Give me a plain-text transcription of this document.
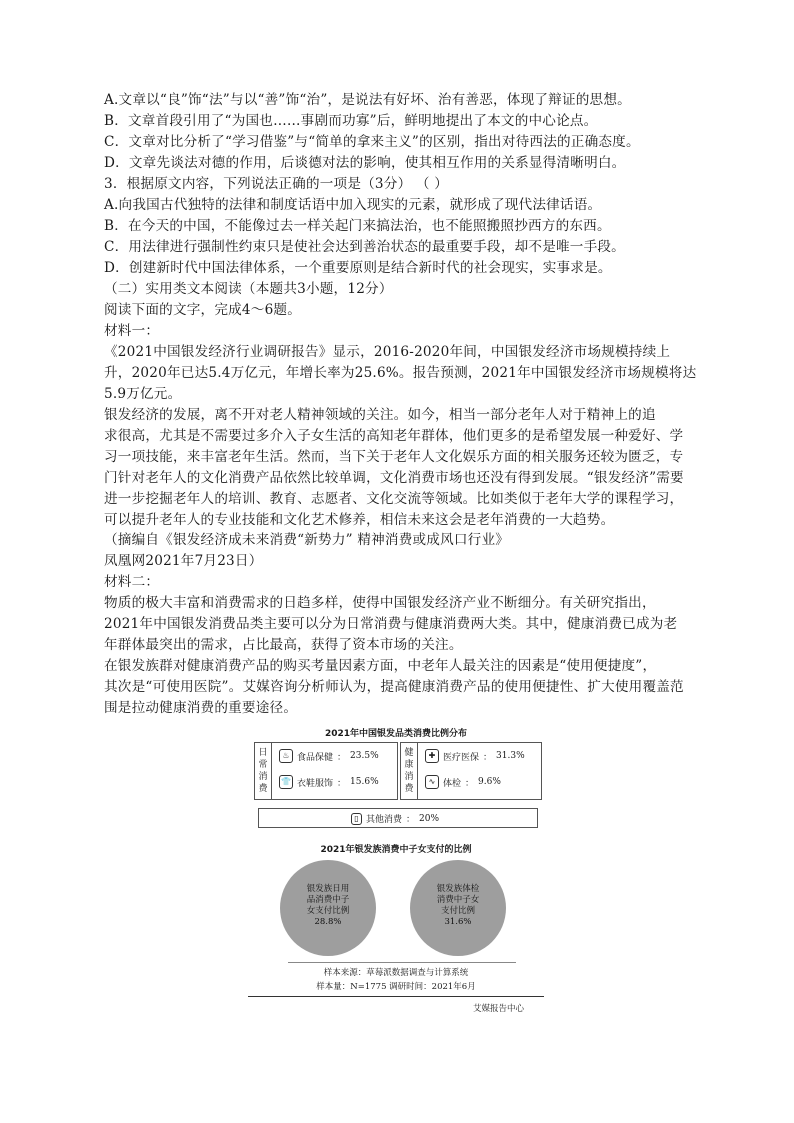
A.文章以“良”饰“法”与以“善”饰“治”，是说法有好坏、治有善恶，体现了辩证的思想。
B．文章首段引用了“为国也……事剧而功寡”后，鲜明地提出了本文的中心论点。
C．文章对比分析了“学习借鉴”与“简单的拿来主义”的区别，指出对待西法的正确态度。
D．文章先谈法对德的作用，后谈德对法的影响，使其相互作用的关系显得清晰明白。
3．根据原文内容，下列说法正确的一项是（3分） （ ）
A.向我国古代独特的法律和制度话语中加入现实的元素，就形成了现代法律话语。
B．在今天的中国，不能像过去一样关起门来搞法治，也不能照搬照抄西方的东西。
C．用法律进行强制性约束只是使社会达到善治状态的最重要手段，却不是唯一手段。
D．创建新时代中国法律体系，一个重要原则是结合新时代的社会现实，实事求是。
（二）实用类文本阅读（本题共3小题，12分）
阅读下面的文字，完成4～6题。
材料一：
《2021中国银发经济行业调研报告》显示，2016-2020年间，中国银发经济市场规模持续上
升，2020年已达5.4万亿元，年增长率为25.6%。报告预测，2021年中国银发经济市场规模将达
5.9万亿元。
银发经济的发展，离不开对老人精神领域的关注。如今，相当一部分老年人对于精神上的追
求很高，尤其是不需要过多介入子女生活的高知老年群体，他们更多的是希望发展一种爱好、学
习一项技能，来丰富老年生活。然而，当下关于老年人文化娱乐方面的相关服务还较为匮乏，专
门针对老年人的文化消费产品依然比较单调，文化消费市场也还没有得到发展。“银发经济”需要
进一步挖掘老年人的培训、教育、志愿者、文化交流等领域。比如类似于老年大学的课程学习，
可以提升老年人的专业技能和文化艺术修养，相信未来这会是老年消费的一大趋势。
（摘编自《银发经济成未来消费“新势力” 精神消费或成风口行业》
凤凰网2021年7月23日）
材料二：
物质的极大丰富和消费需求的日趋多样，使得中国银发经济产业不断细分。有关研究指出，
2021年中国银发消费品类主要可以分为日常消费与健康消费两大类。其中，健康消费已成为老
年群体最突出的需求，占比最高，获得了资本市场的关注。
在银发族群对健康消费产品的购买考量因素方面，中老年人最关注的因素是“使用便捷度”，
其次是“可使用医院”。艾媒咨询分析师认为，提高健康消费产品的使用便捷性、扩大使用覆盖范
围是拉动健康消费的重要途径。
2021年中国银发品类消费比例分布
日
常
消
费
♨ 食品保健 ： 23.5%
👕 衣鞋服饰 ： 15.6%
健
康
消
费
✚ 医疗医保 ： 31.3%
∿ 体检 ： 9.6%
▯ 其他消费 ： 20%
2021年银发族消费中子女支付的比例
银发族日用
品消费中子
女支付比例
28.8%
银发族体检
消费中子女
支付比例
31.6%
样本来源：草莓派数据调查与计算系统
样本量：N=1775 调研时间：2021年6月
艾媒报告中心
